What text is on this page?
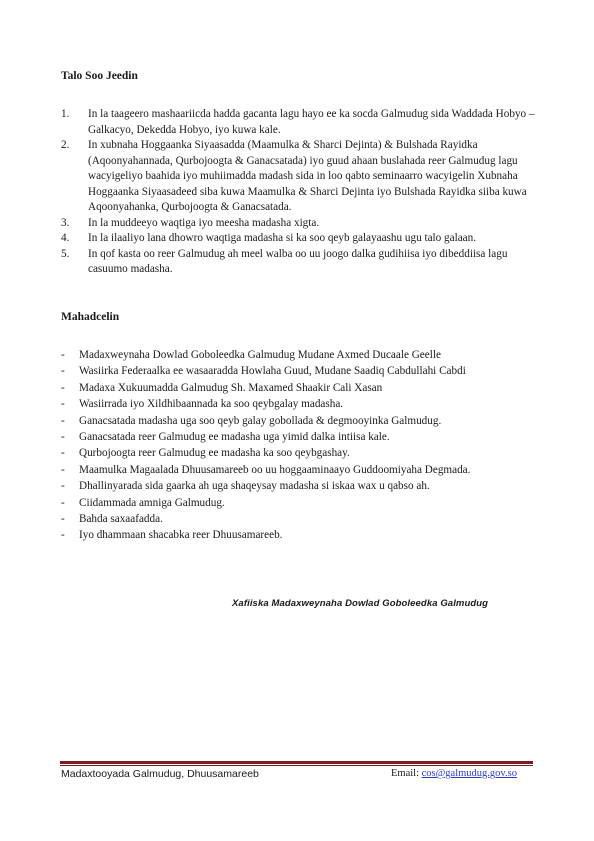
Talo Soo Jeedin
1. In la taageero mashaariicda hadda gacanta lagu hayo ee ka socda Galmudug sida Waddada Hobyo – Galkacyo, Dekedda Hobyo, iyo kuwa kale.
2. In xubnaha Hoggaanka Siyaasadda (Maamulka & Sharci Dejinta) & Bulshada Rayidka (Aqoonyahannada, Qurbojoogta & Ganacsatada) iyo guud ahaan buslahada reer Galmudug lagu wacyigeliyo baahida iyo muhiimadda madash sida in loo qabto seminaarro wacyigelin Xubnaha Hoggaanka Siyaasadeed siba kuwa Maamulka & Sharci Dejinta iyo Bulshada Rayidka siiba kuwa Aqoonyahanka, Qurbojoogta & Ganacsatada.
3. In la muddeeyo waqtiga iyo meesha madasha xigta.
4. In la ilaaliyo lana dhowro waqtiga madasha si ka soo qeyb galayaashu ugu talo galaan.
5. In qof kasta oo reer Galmudug ah meel walba oo uu joogo dalka gudihiisa iyo dibeddiisa lagu casuumo madasha.
Mahadcelin
- Madaxweynaha Dowlad Goboleedka Galmudug Mudane Axmed Ducaale Geelle
- Wasiirka Federaalka ee wasaaradda Howlaha Guud, Mudane Saadiq Cabdullahi Cabdi
- Madaxa Xukuumadda Galmudug Sh. Maxamed Shaakir Cali Xasan
- Wasiirrada iyo Xildhibaannada ka soo qeybgalay madasha.
- Ganacsatada madasha uga soo qeyb galay gobollada & degmooyinka Galmudug.
- Ganacsatada reer Galmudug ee madasha uga yimid dalka intiisa kale.
- Qurbojoogta reer Galmudug ee madasha ka soo qeybgashay.
- Maamulka Magaalada Dhuusamareeb oo uu hoggaaminaayo Guddoomiyaha Degmada.
- Dhallinyarada sida gaarka ah uga shaqeysay madasha si iskaa wax u qabso ah.
- Ciidammada amniga Galmudug.
- Bahda saxaafadda.
- Iyo dhammaan shacabka reer Dhuusamareeb.
Xafiiska Madaxweynaha Dowlad Goboleedka Galmudug
Madaxtooyada Galmudug, Dhuusamareeb	Email: cos@galmudug.gov.so
